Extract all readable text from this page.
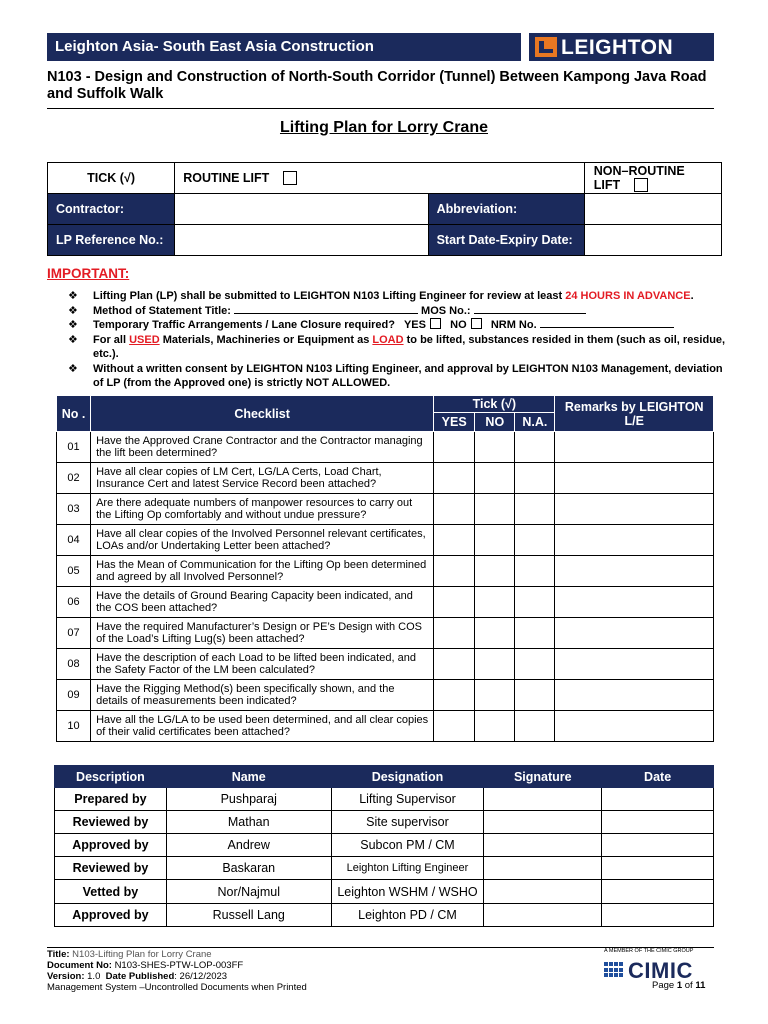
Leighton Asia- South East Asia Construction	LEIGHTON
N103 - Design and Construction of North-South Corridor (Tunnel) Between Kampong Java Road and Suffolk Walk
Lifting Plan for Lorry Crane
TICK (√)	ROUTINE LIFT		NON–ROUTINE LIFT
Contractor:		Abbreviation:	
LP Reference No.:		Start Date-Expiry Date:	
IMPORTANT:
❖ Lifting Plan (LP) shall be submitted to LEIGHTON N103 Lifting Engineer for review at least 24 HOURS IN ADVANCE.
❖ Method of Statement Title:	MOS No.:
❖ Temporary Traffic Arrangements / Lane Closure required? YES NO NRM No.
❖ For all USED Materials, Machineries or Equipment as LOAD to be lifted, substances resided in them (such as oil, residue, etc.).
❖ Without a written consent by LEIGHTON N103 Lifting Engineer, and approval by LEIGHTON N103 Management, deviation of LP (from the Approved one) is strictly NOT ALLOWED.
No .	Checklist	Tick (√)			Remarks by LEIGHTON L/E
		YES	NO	N.A.	
01	Have the Approved Crane Contractor and the Contractor managing the lift been determined?				
02	Have all clear copies of LM Cert, LG/LA Certs, Load Chart, Insurance Cert and latest Service Record been attached?				
03	Are there adequate numbers of manpower resources to carry out the Lifting Op comfortably and without undue pressure?				
04	Have all clear copies of the Involved Personnel relevant certificates, LOAs and/or Undertaking Letter been attached?				
05	Has the Mean of Communication for the Lifting Op been determined and agreed by all Involved Personnel?				
06	Have the details of Ground Bearing Capacity been indicated, and the COS been attached?				
07	Have the required Manufacturer’s Design or PE’s Design with COS of the Load’s Lifting Lug(s) been attached?				
08	Have the description of each Load to be lifted been indicated, and the Safety Factor of the LM been calculated?				
09	Have the Rigging Method(s) been specifically shown, and the details of measurements been indicated?				
10	Have all the LG/LA to be used been determined, and all clear copies of their valid certificates been attached?				
Description	Name	Designation	Signature	Date
Prepared by	Pushparaj	Lifting Supervisor		
Reviewed by	Mathan	Site supervisor		
Approved by	Andrew	Subcon PM / CM		
Reviewed by	Baskaran	Leighton Lifting Engineer		
Vetted by	Nor/Najmul	Leighton WSHM / WSHO		
Approved by	Russell Lang	Leighton PD / CM		
Title: N103-Lifting Plan for Lorry Crane
Document No: N103-SHES-PTW-LOP-003FF
Version: 1.0 Date Published: 26/12/2023
Management System –Uncontrolled Documents when Printed
A MEMBER OF THE CIMIC GROUP
CIMIC
Page 1 of 11
